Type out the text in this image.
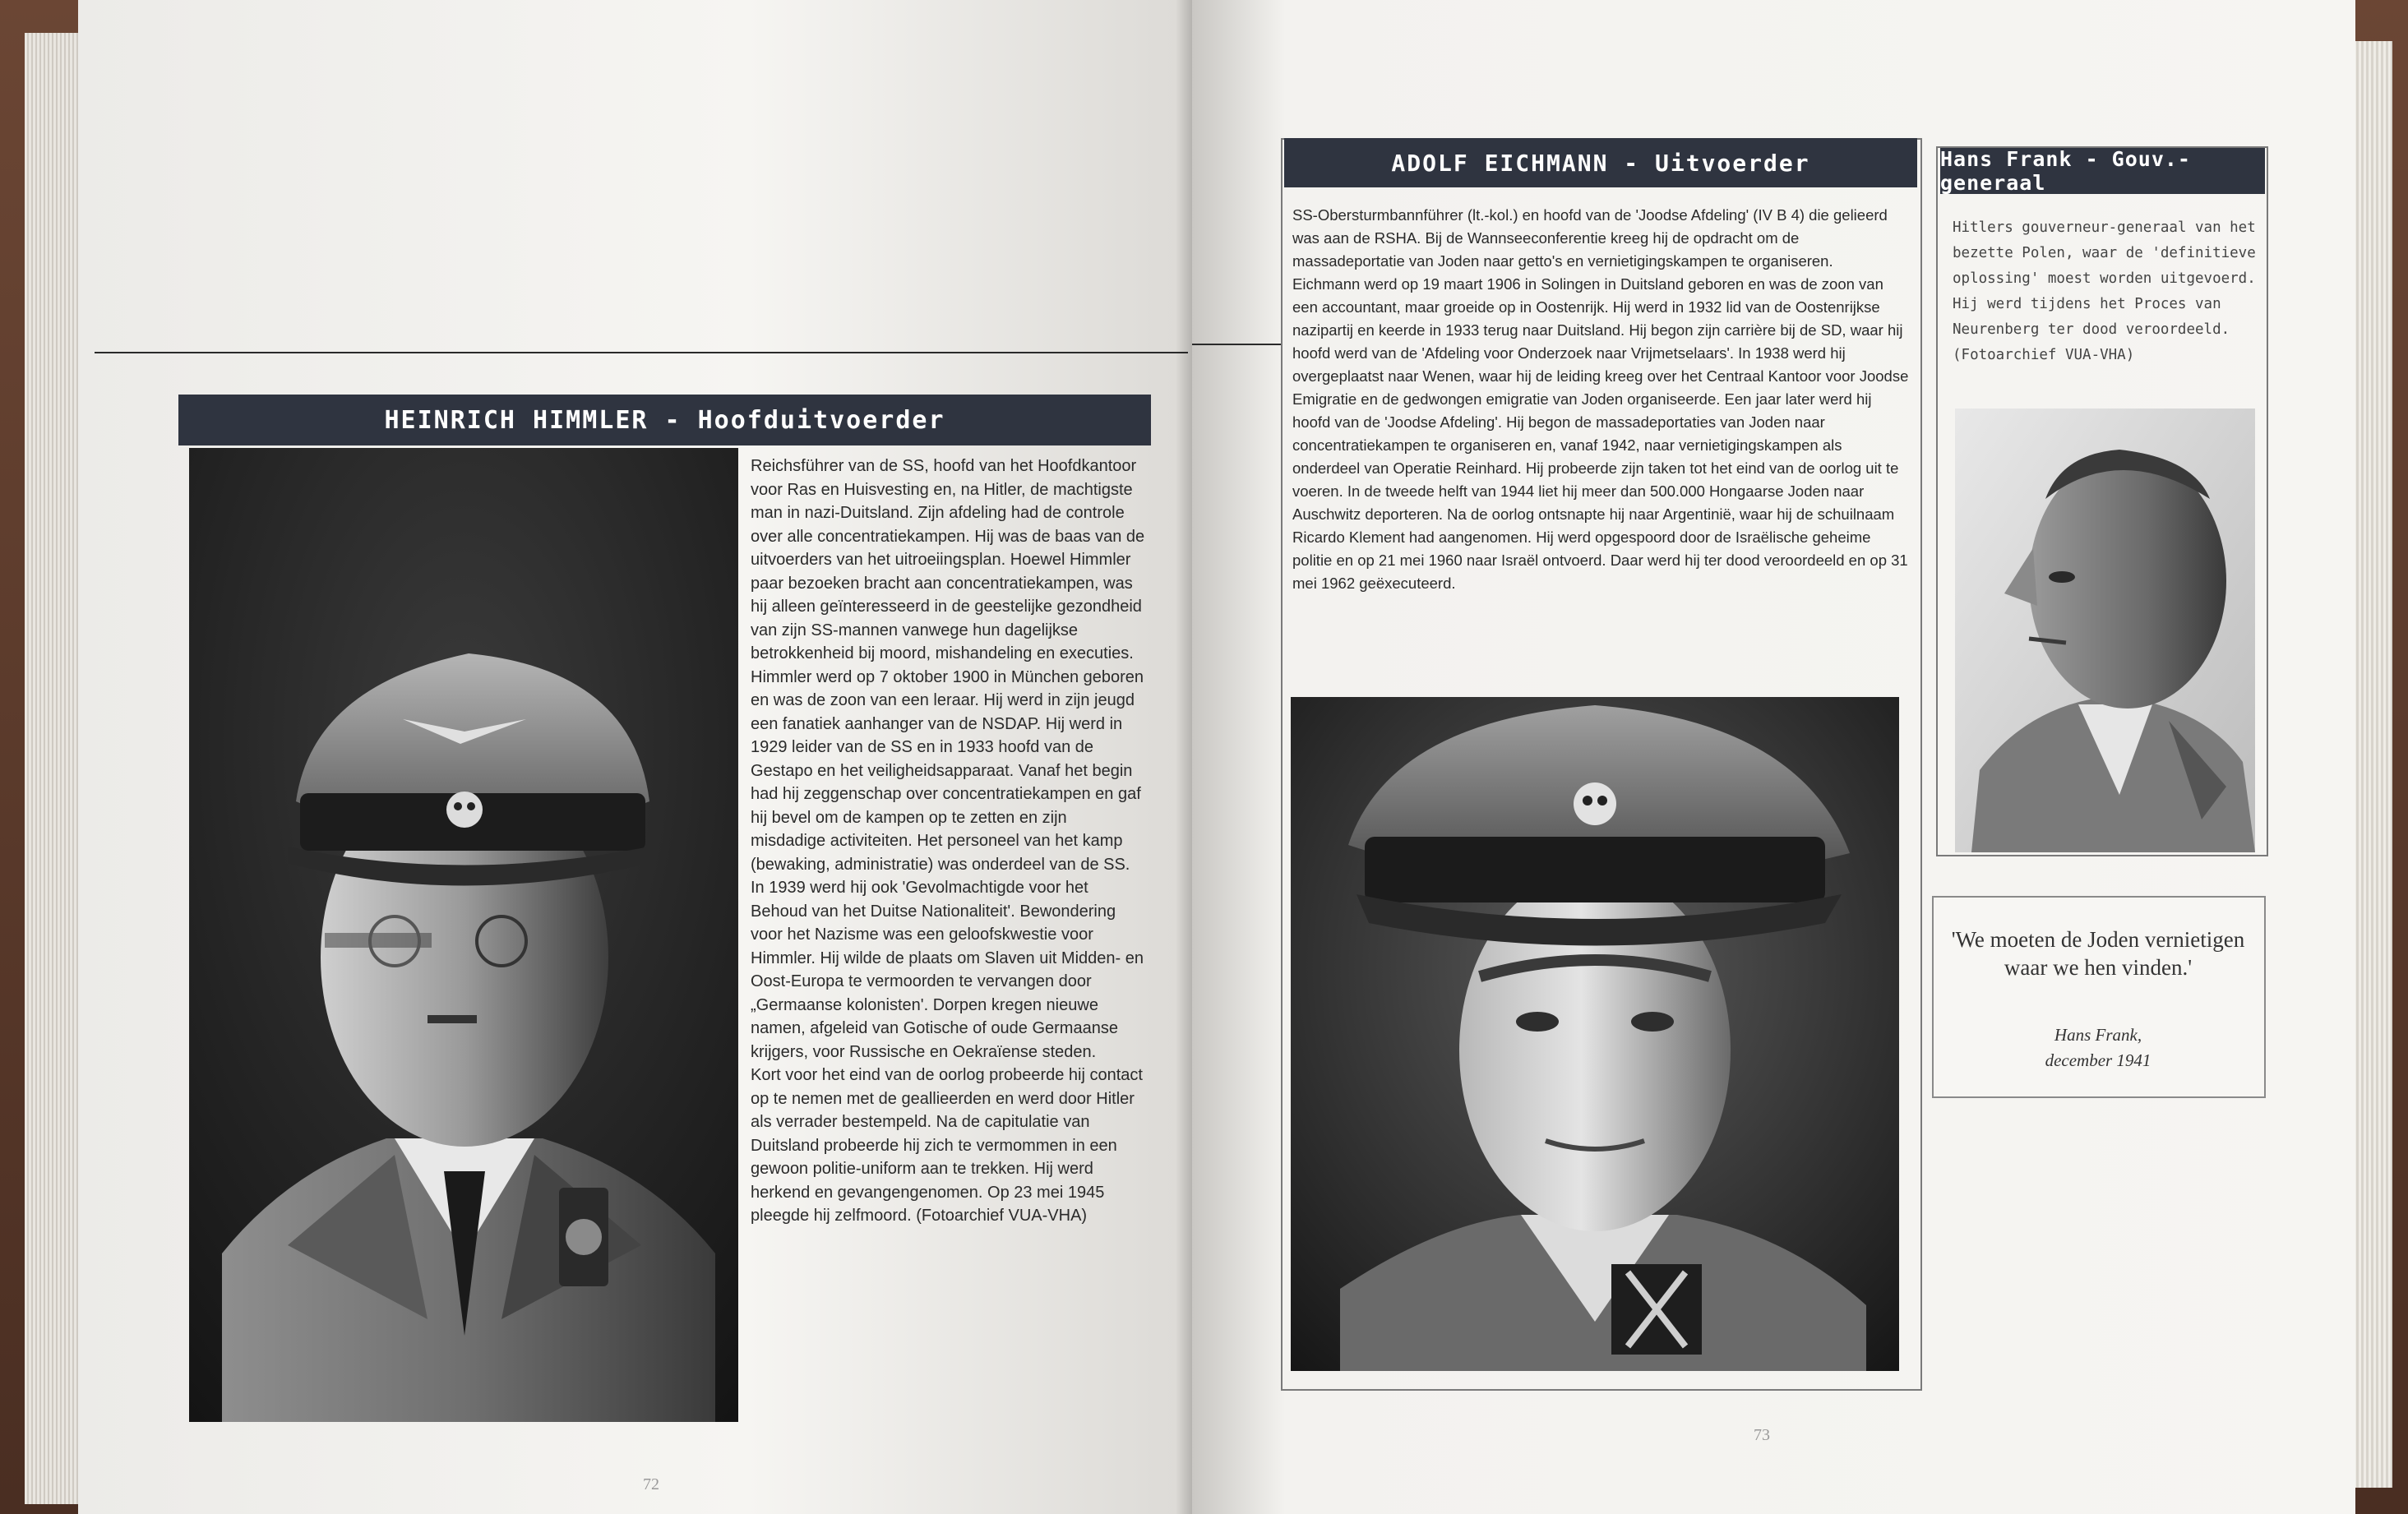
HEINRICH HIMMLER - Hoofduitvoerder

Reichsführer van de SS, hoofd van het Hoofdkantoor voor Ras en Huisvesting en, na Hitler, de machtigste man in nazi-Duitsland. Zijn afdeling had de controle over alle concentratiekampen. Hij was de baas van de uitvoerders van het uitroeiingsplan. Hoewel Himmler paar bezoeken bracht aan concentratiekampen, was hij alleen geïnteresseerd in de geestelijke gezondheid van zijn SS-mannen vanwege hun dagelijkse betrokkenheid bij moord, mishandeling en executies.

Himmler werd op 7 oktober 1900 in München geboren en was de zoon van een leraar. Hij werd in zijn jeugd een fanatiek aanhanger van de NSDAP. Hij werd in 1929 leider van de SS en in 1933 hoofd van de Gestapo en het veiligheidsapparaat. Vanaf het begin had hij zeggenschap over concentratiekampen en gaf hij bevel om de kampen op te zetten en zijn misdadige activiteiten. Het personeel van het kamp (bewaking, administratie) was onderdeel van de SS. In 1939 werd hij ook 'Gevolmachtigde voor het Behoud van het Duitse Nationaliteit'. Bewondering voor het Nazisme was een geloofskwestie voor Himmler. Hij wilde de plaats om Slaven uit Midden- en Oost-Europa te vermoorden te vervangen door „Germaanse kolonisten'. Dorpen kregen nieuwe namen, afgeleid van Gotische of oude Germaanse krijgers, voor Russische en Oekraïense steden.

Kort voor het eind van de oorlog probeerde hij contact op te nemen met de geallieerden en werd door Hitler als verrader bestempeld. Na de capitulatie van Duitsland probeerde hij zich te vermommen in een gewoon politie-uniform aan te trekken. Hij werd herkend en gevangengenomen. Op 23 mei 1945 pleegde hij zelfmoord. (Fotoarchief VUA-VHA)

72
ADOLF EICHMANN - Uitvoerder

SS-Obersturmbannführer (lt.-kol.) en hoofd van de 'Joodse Afdeling' (IV B 4) die gelieerd was aan de RSHA. Bij de Wannseeconferentie kreeg hij de opdracht om de massadeportatie van Joden naar getto's en vernietigingskampen te organiseren.

Eichmann werd op 19 maart 1906 in Solingen in Duitsland geboren en was de zoon van een accountant, maar groeide op in Oostenrijk. Hij werd in 1932 lid van de Oostenrijkse nazipartij en keerde in 1933 terug naar Duitsland. Hij begon zijn carrière bij de SD, waar hij hoofd werd van de 'Afdeling voor Onderzoek naar Vrijmetselaars'. In 1938 werd hij overgeplaatst naar Wenen, waar hij de leiding kreeg over het Centraal Kantoor voor Joodse Emigratie en de gedwongen emigratie van Joden organiseerde. Een jaar later werd hij hoofd van de 'Joodse Afdeling'. Hij begon de massadeportaties van Joden naar concentratiekampen te organiseren en, vanaf 1942, naar vernietigingskampen als onderdeel van Operatie Reinhard. Hij probeerde zijn taken tot het eind van de oorlog uit te voeren. In de tweede helft van 1944 liet hij meer dan 500.000 Hongaarse Joden naar Auschwitz deporteren. Na de oorlog ontsnapte hij naar Argentinië, waar hij de schuilnaam Ricardo Klement had aangenomen. Hij werd opgespoord door de Israëlische geheime politie en op 21 mei 1960 naar Israël ontvoerd. Daar werd hij ter dood veroordeeld en op 31 mei 1962 geëxecuteerd.

73
Hans Frank - Gouv.-generaal
Hitlers gouverneur-generaal van het bezette Polen, waar de 'definitieve oplossing' moest worden uitgevoerd. Hij werd tijdens het Proces van Neurenberg ter dood veroordeeld. (Fotoarchief VUA-VHA)
'We moeten de Joden vernietigen waar we hen vinden.'
Hans Frank,
december 1941
